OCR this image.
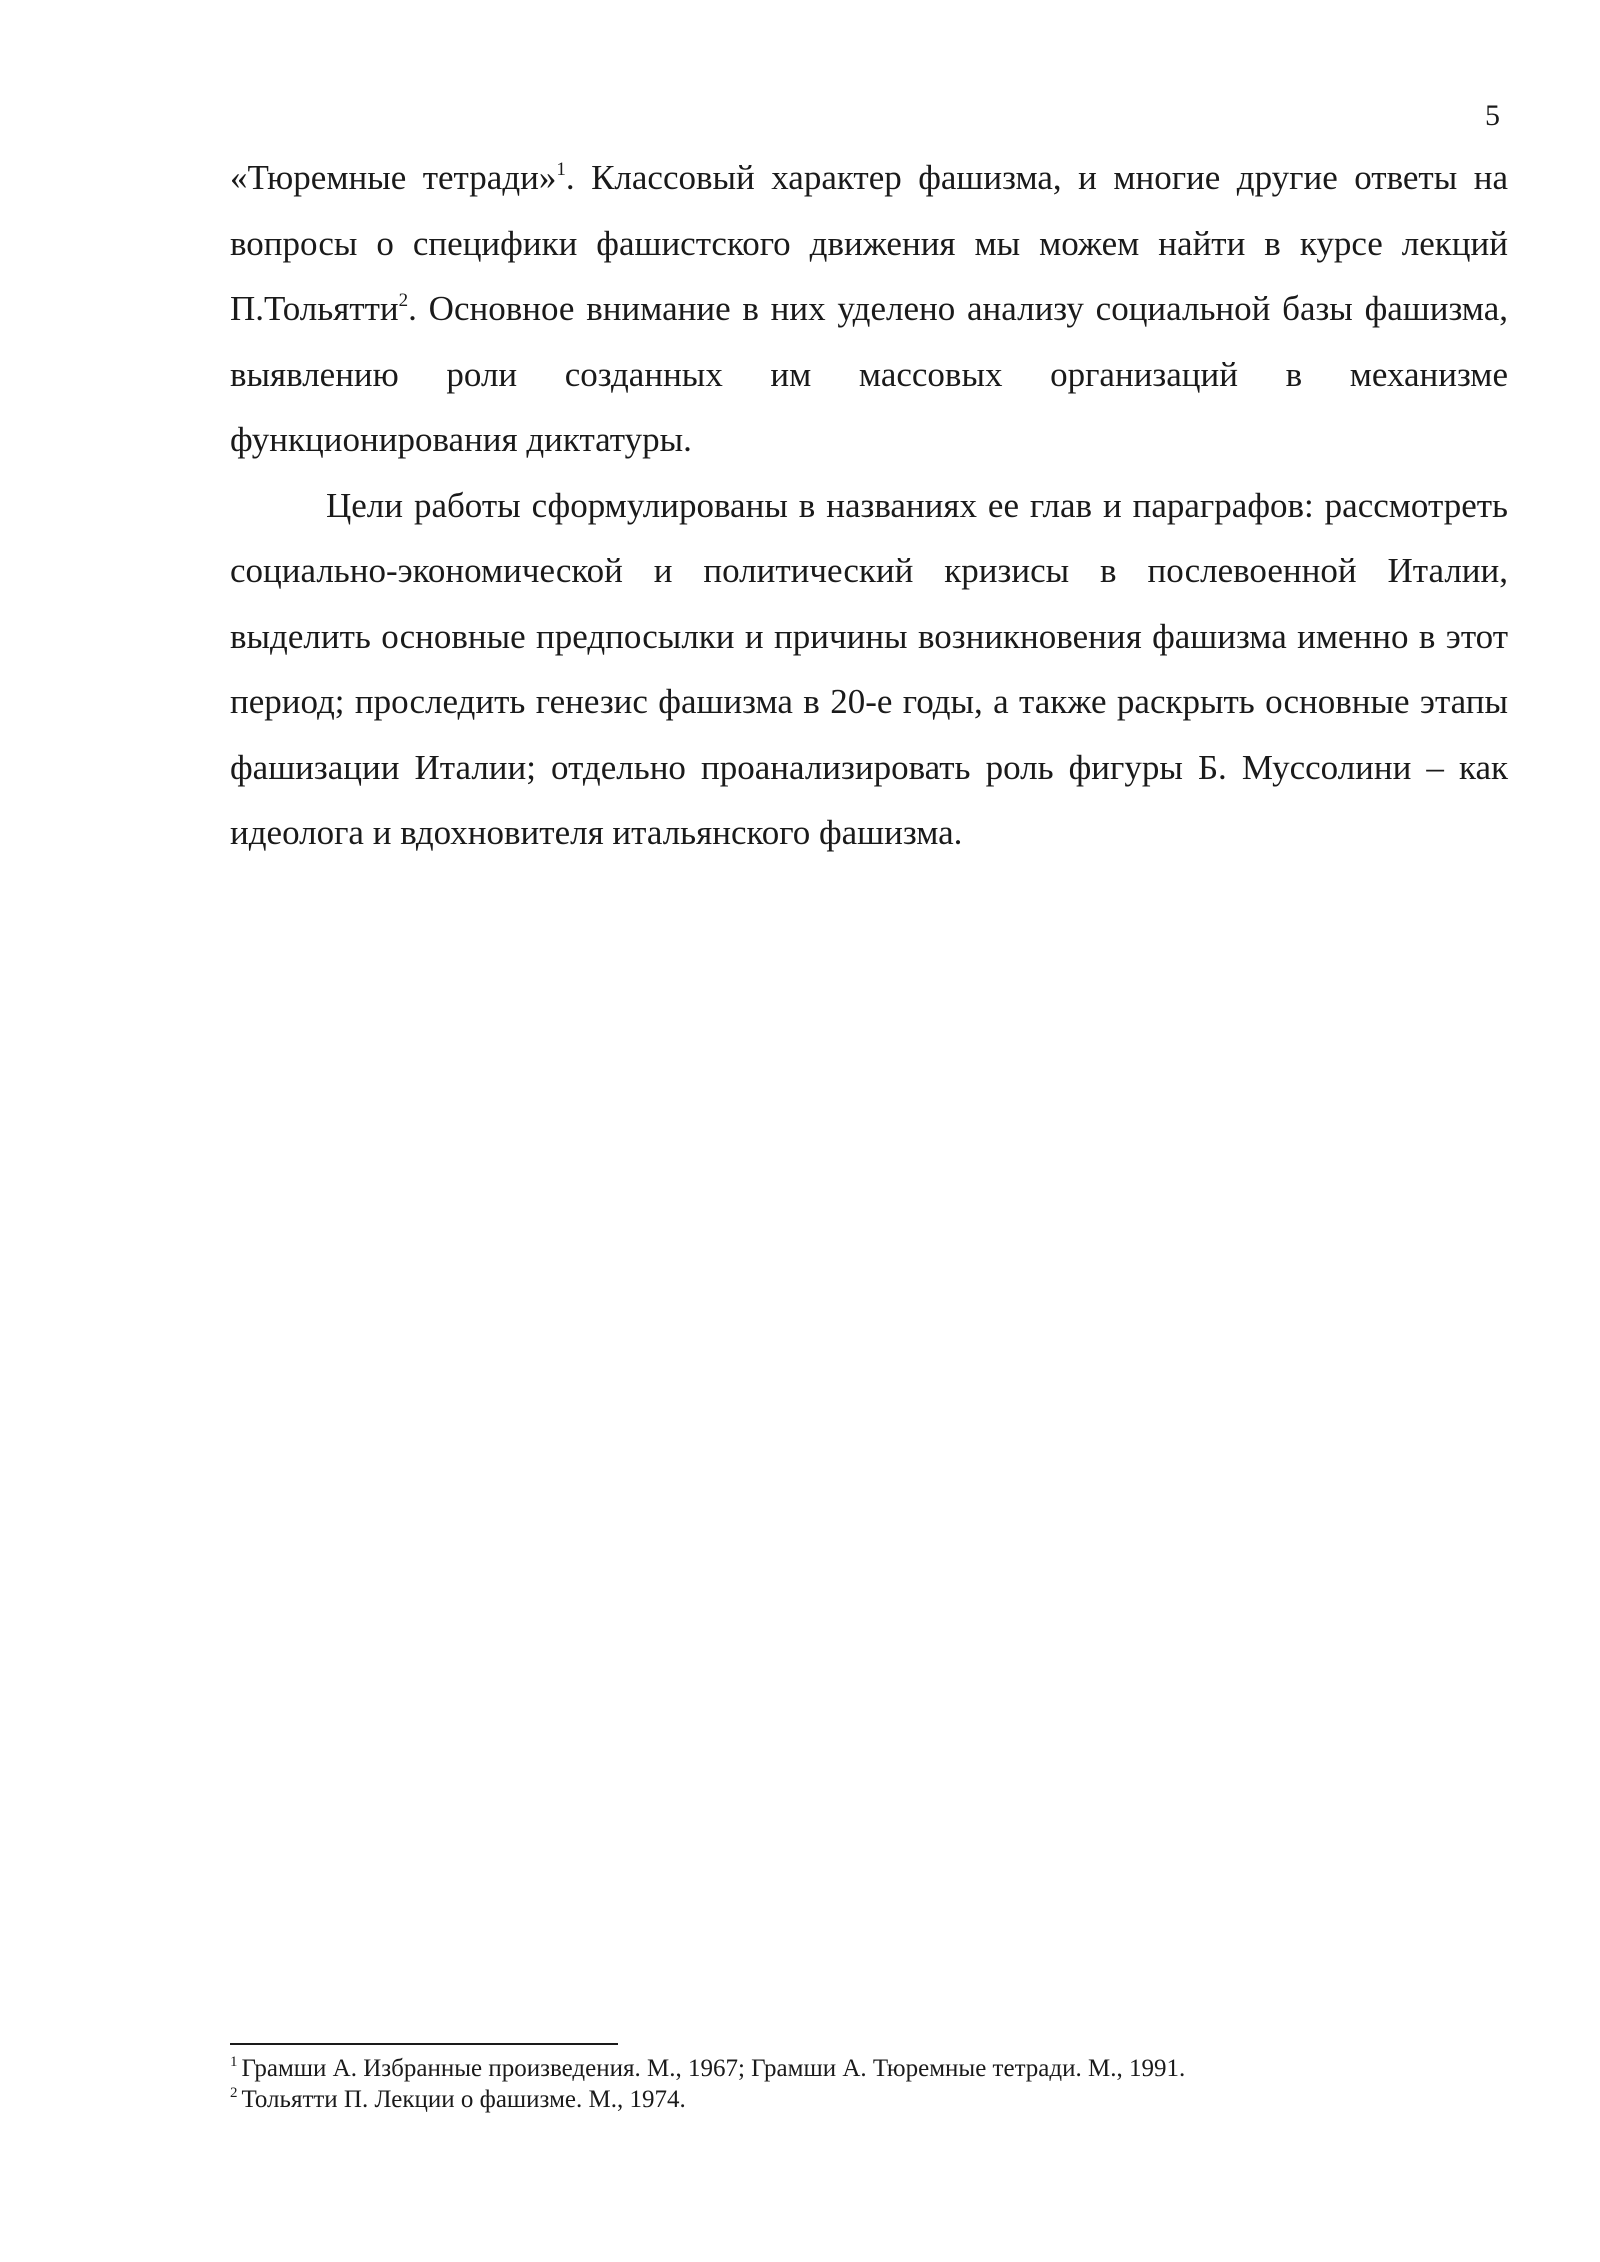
5

«Тюремные тетради»$^1$. Классовый характер фашизма, и многие другие ответы на вопросы о специфики фашистского движения мы можем найти в курсе лекций П.Тольятти$^2$. Основное внимание в них уделено анализу социальной базы фашизма, выявлению роли созданных им массовых организаций в механизме функционирования диктатуры.

Цели работы сформулированы в названиях ее глав и параграфов: рассмотреть социально-экономической и политический кризисы в послевоенной Италии, выделить основные предпосылки и причины возникновения фашизма именно в этот период; проследить генезис фашизма в 20-е годы, а также раскрыть основные этапы фашизации Италии; отдельно проанализировать роль фигуры Б. Муссолини – как идеолога и вдохновителя итальянского фашизма.

$^1$ Грамши А. Избранные произведения. М., 1967; Грамши А. Тюремные тетради. М., 1991.

$^2$ Тольятти П. Лекции о фашизме. М., 1974.
